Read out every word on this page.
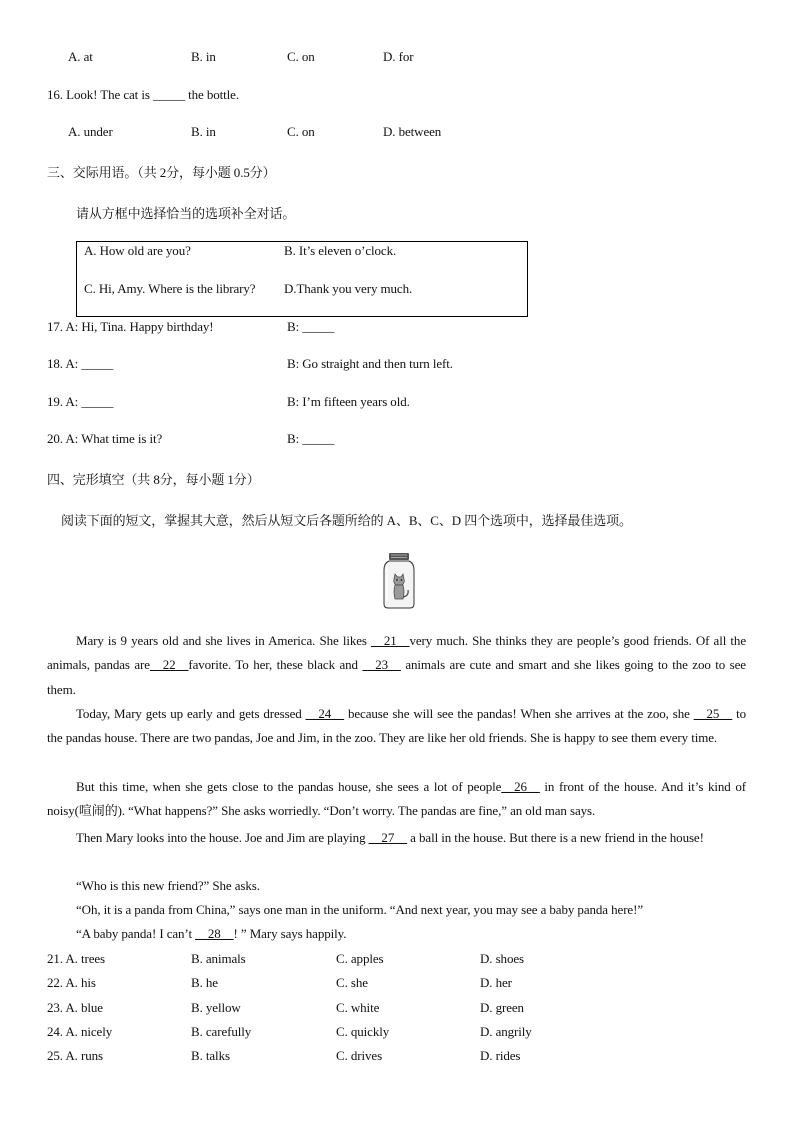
A. at	B. in	C. on	D. for
16. Look! The cat is _____ the bottle.
A. under	B. in	C. on	D. between
三、交际用语。（共 2分，每小题 0.5分）
请从方框中选择恰当的选项补全对话。
A. How old are you?	B. It’s eleven o’clock.
C. Hi, Amy. Where is the library? D.Thank you very much.
17. A: Hi, Tina. Happy birthday!	B: _____
18. A: _____	B: Go straight and then turn left.
19. A: _____	B: I’m fifteen years old.
20. A: What time is it?	B: _____
四、完形填空（共 8分，每小题 1分）
阅读下面的短文，掌握其大意，然后从短文后各题所给的 A、B、C、D 四个选项中，选择最佳选项。
Mary is 9 years old and she lives in America. She likes __21__very much. She thinks they are people’s good friends. Of all the animals, pandas are__22__favorite. To her, these black and __23__ animals are cute and smart and she likes going to the zoo to see them.
Today, Mary gets up early and gets dressed __24__ because she will see the pandas! When she arrives at the zoo, she __25__ to the pandas house. There are two pandas, Joe and Jim, in the zoo. They are like her old friends. She is happy to see them every time.
But this time, when she gets close to the pandas house, she sees a lot of people__26__ in front of the house. And it’s kind of noisy(喧闹的). “What happens?” She asks worriedly. “Don’t worry. The pandas are fine,” an old man says.
Then Mary looks into the house. Joe and Jim are playing __27__ a ball in the house. But there is a new friend in the house!
“Who is this new friend?” She asks.
“Oh, it is a panda from China,” says one man in the uniform. “And next year, you may see a baby panda here!”
“A baby panda! I can’t __28__! ” Mary says happily.
21. A. trees	B. animals	C. apples	D. shoes
22. A. his	B. he	C. she	D. her
23. A. blue	B. yellow	C. white	D. green
24. A. nicely	B. carefully	C. quickly	D. angrily
25. A. runs	B. talks	C. drives	D. rides
